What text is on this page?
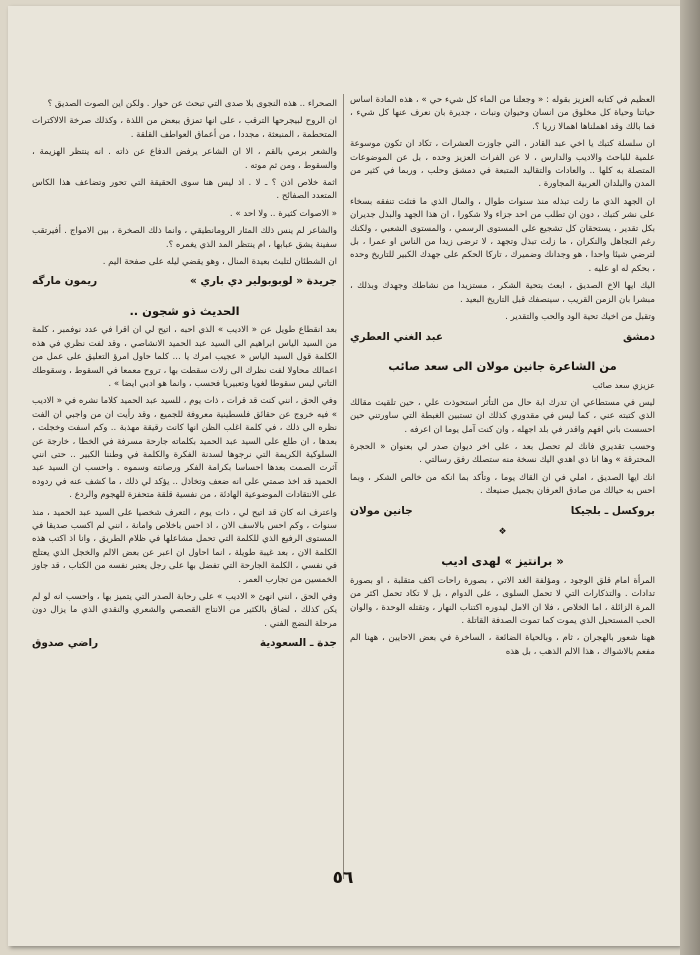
العظيم في كتابه العزيز بقوله : « وجعلنا من الماء كل شيء حي » ، هذه المادة اساس حياتنا وحياة كل مخلوق من انسان وحيوان ونبات ، جديرة بان نعرف عنها كل شيء ، فما بالك وقد اهملناها اهمالا زريا ؟.

ان سلسلة كتبك يا اخي عبد القادر ، التي جاوزت العشرات ، تكاد ان تكون موسوعة علمية للباحث والاديب والدارس ، لا عن الفرات العزيز وحده ، بل عن الموضوعات المتصلة به كلها .. والعادات والتقاليد المتبعة في دمشق وحلب ، وربما في كثير من المدن والبلدان العربية المجاورة .

ان الجهد الذي ما زلت تبذله منذ سنوات طوال ، والمال الذي ما فتئت تنفقه بسخاء على نشر كتبك ، دون ان تطلب من احد جزاء ولا شكورا ، ان هذا الجهد والبذل جديران بكل تقدير ، يستحقان كل تشجيع على المستوى الرسمي ، والمستوى الشعبي ، ولكنك رغم التجاهل والنكران ، ما زلت تبذل وتجهد ، لا ترضى زيدا من الناس او عمرا ، بل لترضي شيئا واحدا ، هو وجدانك وضميرك ، تاركا الحكم على جهدك الكبير للتاريخ وحده ، بحكم له او عليه .

اليك ايها الاخ الصديق ، ابعث بتحية الشكر ، مستزيدا من نشاطك وجهدك وبذلك ، مبشرا بان الزمن القريب ، سينصفك قبل التاريخ البعيد .

وتقبل من اخيك تحية الود والحب والتقدير .

دمشق
عبد الغني العطري
من الشاعرة جانين مولان الى سعد صائب

عزيزي سعد صائب

ليس في مستطاعي ان تدرك ابة حال من التأثر استحوذت علي ، حين تلقيت مقالك الذي كتبته عني ، كما ليس في مقدوري كذلك ان تستبين الغبطة التي ساورتني حين احسست باني افهم واقدر في بلد اجهله ، وان كنت آمل يوما ان اعرفه .

وحسب تقديري فانك لم تحصل بعد ، على اخر ديوان صدر لي بعنوان « الحجرة المحترقة » وها انا ذي اهدي اليك نسخة منه ستصلك رفق رسالتي .

انك ايها الصديق ، املي في ان القاك يوما ، وتأكد بما انكه من خالص الشكر ، وبما احس به حيالك من صادق العرفان بجميل صنيعك .

بروكسل ـ بلجيكا
جانين مولان
❖
« برانتيز » لهدى اديب

المرأة امام قلق الوجود ، ومؤلفة الغد الاتي ، بصورة راحات اكف متقلبة ، او بصورة تدادات . والتذكارات التي لا تحمل السلوى ، على الدوام ، بل لا تكاد تحمل اكثر من المرة الزائلة ، اما الخلاص ، فلا ان الامل ليدوره اكتناب النهار ، وتقتله الوحدة ، والوان الحب المستحيل الذي يموت كما تموت الصدفة القاتلة .

ههنا شعور بالهجران ، ثام ، وبالحياة الضائعة ، الساخرة في بعض الاحايين ، ههنا الم مفعم بالاشواك ، هذا الالم الذهب ، بل هذه

الصحراء .. هذه النجوى بلا صدى التي تبحث عن حوار . ولكن اين الصوت الصديق ؟

ان الروح لبيجرحها الترقب ، على انها تمزق ببعض من اللذة ، وكذلك صرخة الالاكترات المتحطمة ، المنبعثة ، مجددا ، من أعماق العواطف القلقة .

والشعر برمي بالقم ، الا ان الشاعر يرفض الدفاع عن ذاته . انه ينتظر الهزيمة ، والسقوط ، ومن ثم موته .

اثمة خلاص اذن ؟ ـ لا . اذ ليس هنا سوى الحقيقة التي تحور وتضاعف هذا الكاس المتعدد الصفائح .

« الاصوات كثيرة .. ولا احد » .

والشاعر لم ينس ذلك المثار الرومانطيقي ، وانما ذلك الصخرة ، بين الامواج . أفيرتقب سفينة يشق عبابها ، ام ينتظر المد الذي يغمره ؟.

ان الشطئان لتلبث بعيدة المنال ، وهو يقضي ليله على صفحة اليم .

جريدة « لوبوبولير دي باري »
ريمون مارگه
الحديث ذو شجون ..

بعد انقطاع طويل عن « الاديب » الذي احبه ، اتيح لي ان اقرا في عدد نوفمبر ، كلمة من السيد الياس ابراهيم الى السيد عبد الحميد الانشاصي ، وقد لفت نظري في هذه الكلمة قول السيد الياس « عجيب امرك يا ... كلما حاول امرؤ التعليق على عمل من اعمالك محاولا لفت نظرك الى زلات سقطت بها ، تروح معمعا في السقوط ، وسقوطك التاتي ليس سقوطا لغويا وتعبيريا فحسب ، وانما هو ادبي ايضا » .

وفي الحق ، انني كنت قد قرات ، ذات يوم ، للسيد عبد الحميد كلاما نشره في « الاديب » فيه خروج عن حقائق فلسطينية معروفة للجميع ، وقد رأيت ان من واجبي ان الفت نظره الى ذلك ، في كلمة اغلب الظن انها كانت رقيقة مهذبة .. وكم اسفت وخجلت ، بعدها ، ان طلع على السيد عبد الحميد بكلماته جارحة مسرفة في الخطا ، خارجة عن السلوكية الكريمة التي نرجوها لسدنة الفكرة والكلمة في وطننا الكبير .. حتى انني آثرت الصمت بعدها احساسا بكرامة الفكر ورصانته وسموه . واحسب ان السيد عبد الحميد قد اخذ صمتي على انه ضعف وتخاذل .. يؤكد لي ذلك ، ما كشف عنه في ردوده على الانتقادات الموضوعية الهادئة ، من نفسية قلقة متحفزة للهجوم والردع .

واعترف انه كان قد اتيح لي ، ذات يوم ، التعرف شخصيا على السيد عبد الحميد ، منذ سنوات ، وكم احس بالاسف الان ، اذ احس باخلاص وامانة ، انني لم اكسب صديقا في المستوى الرفيع الذي للكلمة التي تحمل مشاعلها في ظلام الطريق ، وانا اذ اكتب هذه الكلمة الان ، بعد غيبة طويلة ، انما احاول ان اعبر عن بعض الالم والخجل الذي يعتلج في نفسي ، الكلمة الجارحة التي تفضل بها على رجل يعتبر نفسه من الكتاب ، قد جاوز الخمسين من تجارب العمر .

وفي الحق ، انني انهئ « الاديب » على رحابة الصدر التي يتميز بها ، واحسب انه لو لم يكن كذلك ، لضاق بالكثير من الانتاج القصصي والشعري والنقدي الذي ما يزال دون مرحلة النضج الفني .

جدة ـ السعودية
راضي صدوق
٥٦
